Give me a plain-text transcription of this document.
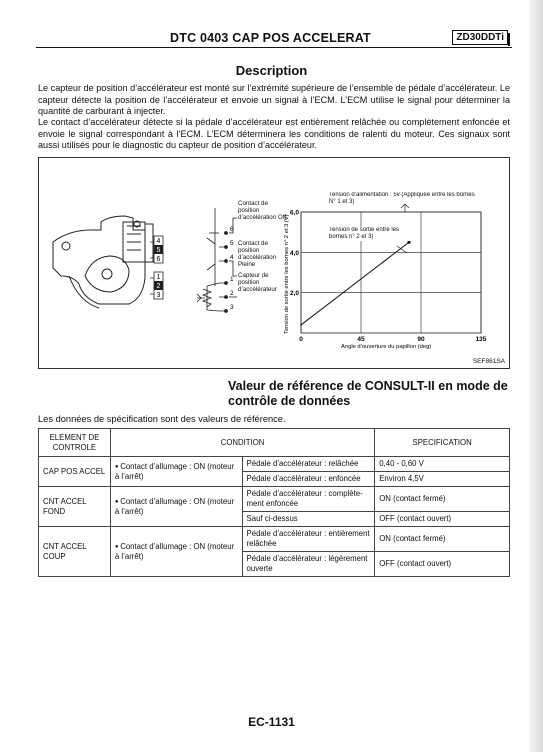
DTC 0403 CAP POS ACCELERAT	ZD30DDTi
Description

Le capteur de position d’accélérateur est monté sur l’extrémité supérieure de l’ensemble de pédale d’accélérateur. Le capteur détecte la position de l’accélérateur et envoie un signal à l’ECM. L’ECM utilise le signal pour déterminer la quantité de carburant à injecter.

Le contact d’accélérateur détecte si la pédale d’accélérateur est entièrement relâchée ou complètement enfoncée et envoie le signal correspondant à l’ECM. L’ECM déterminera les conditions de ralenti du moteur. Ces signaux sont aussi utilisés pour le diagnostic du capteur de position d’accélérateur.

4
5
6
1
2
3
6
5
4
1
2
3
Contact de position d’accélération Off
Contact de position d’accélération Pleine
Capteur de position d’accélérateur	Tension de sortie entre les bornes n° 2 et 3 (V)
Angle d’ouverture du papillon (deg)
0	45	90	135
2,0
4,0
6,0
Tension d’alimentation : 5v (Appliquée entre les bornes N° 1 et 3)
Tension de sortie entre les bornes n° 2 et 3)
SEF861SA
Valeur de référence de CONSULT-II en mode de contrôle de données
Les données de spécification sont des valeurs de référence.
ELEMENT DE CONTROLE	CONDITION		SPECIFICATION
CAP POS ACCEL	● Contact d’allumage : ON (moteur à l’arrêt)	Pédale d’accélérateur : relâchée	0,40 - 0,60 V
		Pédale d’accélérateur : enfoncée	Environ 4,5V
CNT ACCEL FOND	● Contact d’allumage : ON (moteur à l’arrêt)	Pédale d’accélérateur : complète-ment enfoncée	ON (contact fermé)
		Sauf ci-dessus	OFF (contact ouvert)
CNT ACCEL COUP	● Contact d’allumage : ON (moteur à l’arrêt)	Pédale d’accélérateur : entièrement relâchée	ON (contact fermé)
		Pédale d’accélérateur : légèrement ouverte	OFF (contact ouvert)
EC-1131
